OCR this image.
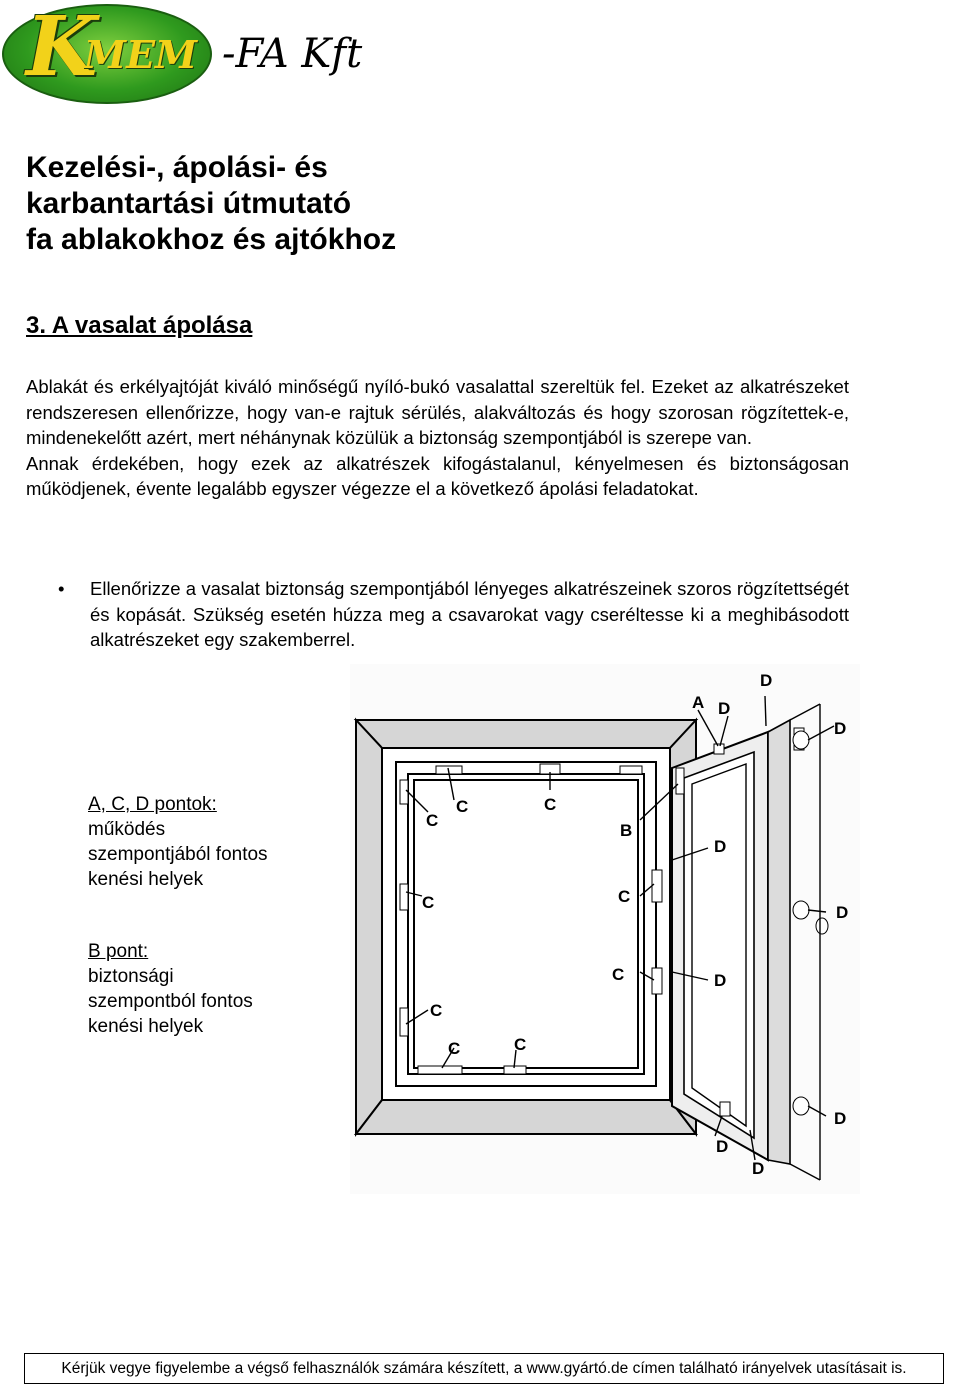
K
MEM -FA Kft
Kezelési-, ápolási- és
karbantartási útmutató
fa ablakokhoz és ajtókhoz
3. A vasalat ápolása

Ablakát és erkélyajtóját kiváló minőségű nyíló-bukó vasalattal szereltük fel. Ezeket az alkatrészeket rendszeresen ellenőrizze, hogy van-e rajtuk sérülés, alakváltozás és hogy szorosan rögzítettek-e, mindenekelőtt azért, mert néhánynak közülük a biztonság szempontjából is szerepe van.

Annak érdekében, hogy ezek az alkatrészek kifogástalanul, kényelmesen és biztonságosan működjenek, évente legalább egyszer végezze el a következő ápolási feladatokat.

• Ellenőrizze a vasalat biztonság szempontjából lényeges alkatrészeinek szoros rögzítettségét és kopását. Szükség esetén húzza meg a csavarokat vagy cseréltesse ki a meghibásodott alkatrészeket egy szakemberrel.
A, C, D pontok:
működés
szempontjából fontos
kenési helyek
B pont:
biztonsági
szempontból fontos
kenési helyek
A D
D
D
D
D
D
D
D
D
C
C	C
C
C
C	C
C
C
B
Kérjük vegye figyelembe a végső felhasználók számára készített, a www.gyártó.de címen található irányelvek utasításait is.
